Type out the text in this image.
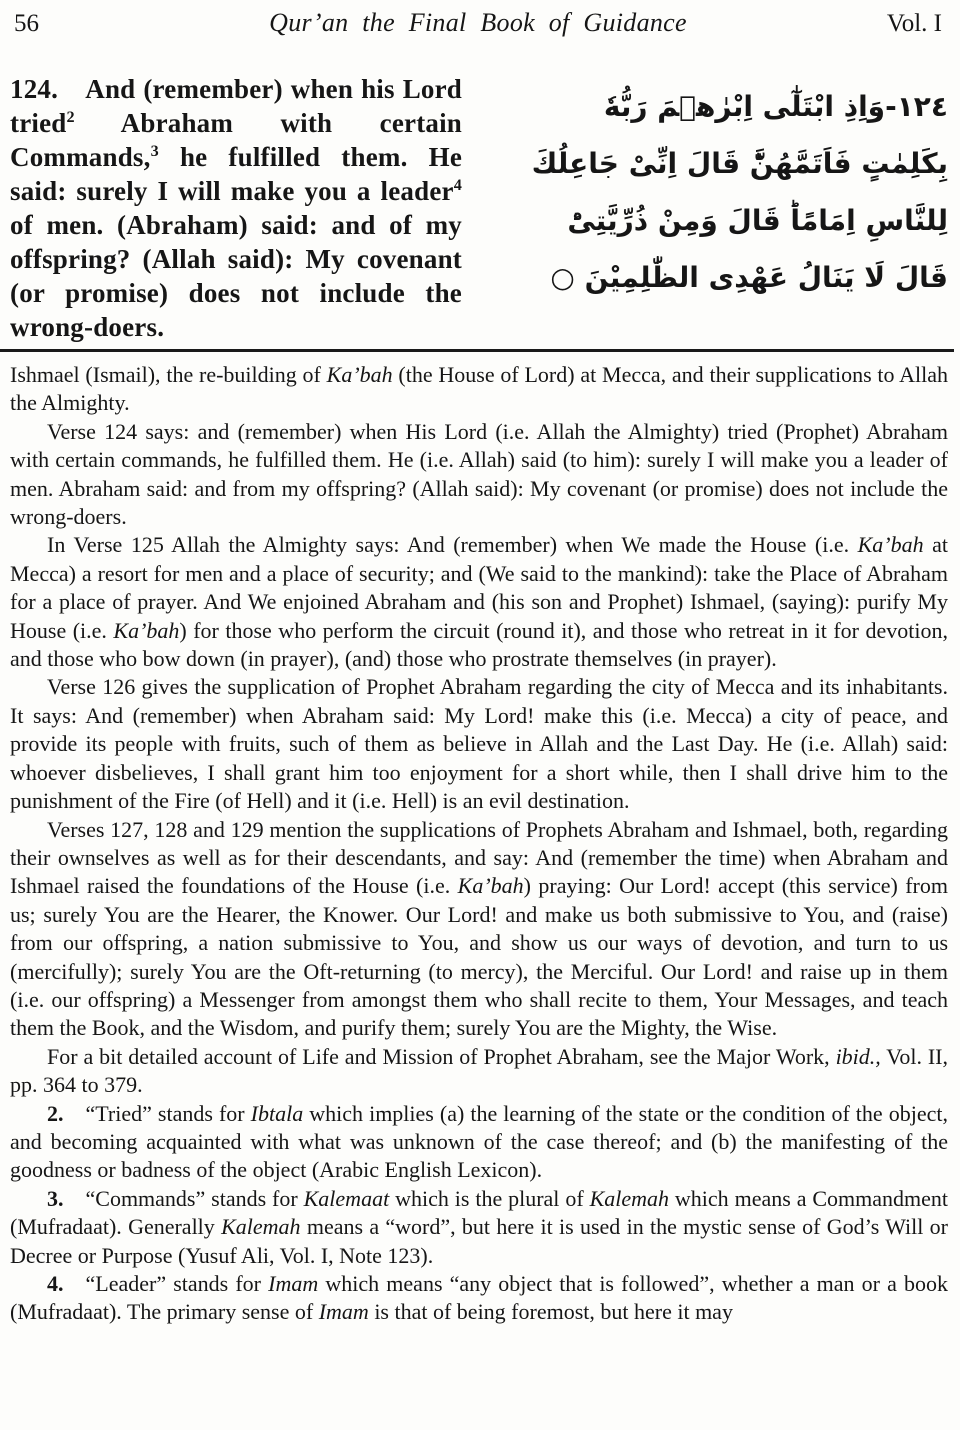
56	Qur’an the Final Book of Guidance	Vol. I
124. And (remember) when his Lord tried$^2$ Abraham with certain Commands,$^3$ he fulfilled them. He said: surely I will make you a leader$^4$ of men. (Abraham) said: and of my offspring? (Allah said): My covenant (or promise) does not include the wrong-doers.
١٢٤-وَاِذِ ابْتَلٰٓى اِبْرٰهٖمَ رَبُّهٗ
بِكَلِمٰتٍ فَاَتَمَّهُنَّؕ قَالَ اِنِّىْ جَاعِلُكَ
لِلنَّاسِ اِمَامًاؕ قَالَ وَمِنْ ذُرِّيَّتِىْؕ
قَالَ لَا يَنَالُ عَهْدِى الظّٰلِمِيْنَ ○

Ishmael (Ismail), the re-building of Ka’bah (the House of Lord) at Mecca, and their supplications to Allah the Almighty.

Verse 124 says: and (remember) when His Lord (i.e. Allah the Almighty) tried (Prophet) Abraham with certain commands, he fulfilled them. He (i.e. Allah) said (to him): surely I will make you a leader of men. Abraham said: and from my offspring? (Allah said): My covenant (or promise) does not include the wrong-doers.

In Verse 125 Allah the Almighty says: And (remember) when We made the House (i.e. Ka’bah at Mecca) a resort for men and a place of security; and (We said to the mankind): take the Place of Abraham for a place of prayer. And We enjoined Abraham and (his son and Prophet) Ishmael, (saying): purify My House (i.e. Ka’bah) for those who perform the circuit (round it), and those who retreat in it for devotion, and those who bow down (in prayer), (and) those who prostrate themselves (in prayer).

Verse 126 gives the supplication of Prophet Abraham regarding the city of Mecca and its inhabitants. It says: And (remember) when Abraham said: My Lord! make this (i.e. Mecca) a city of peace, and provide its people with fruits, such of them as believe in Allah and the Last Day. He (i.e. Allah) said: whoever disbelieves, I shall grant him too enjoyment for a short while, then I shall drive him to the punishment of the Fire (of Hell) and it (i.e. Hell) is an evil destination.

Verses 127, 128 and 129 mention the supplications of Prophets Abraham and Ishmael, both, regarding their ownselves as well as for their descendants, and say: And (remember the time) when Abraham and Ishmael raised the foundations of the House (i.e. Ka’bah) praying: Our Lord! accept (this service) from us; surely You are the Hearer, the Knower. Our Lord! and make us both submissive to You, and (raise) from our offspring, a nation submissive to You, and show us our ways of devotion, and turn to us (mercifully); surely You are the Oft-returning (to mercy), the Merciful. Our Lord! and raise up in them (i.e. our offspring) a Messenger from amongst them who shall recite to them, Your Messages, and teach them the Book, and the Wisdom, and purify them; surely You are the Mighty, the Wise.

For a bit detailed account of Life and Mission of Prophet Abraham, see the Major Work, ibid., Vol. II, pp. 364 to 379.

2. “Tried” stands for Ibtala which implies (a) the learning of the state or the condition of the object, and becoming acquainted with what was unknown of the case thereof; and (b) the manifesting of the goodness or badness of the object (Arabic English Lexicon).

3. “Commands” stands for Kalemaat which is the plural of Kalemah which means a Commandment (Mufradaat). Generally Kalemah means a “word”, but here it is used in the mystic sense of God’s Will or Decree or Purpose (Yusuf Ali, Vol. I, Note 123).

4. “Leader” stands for Imam which means “any object that is followed”, whether a man or a book (Mufradaat). The primary sense of Imam is that of being foremost, but here it may
